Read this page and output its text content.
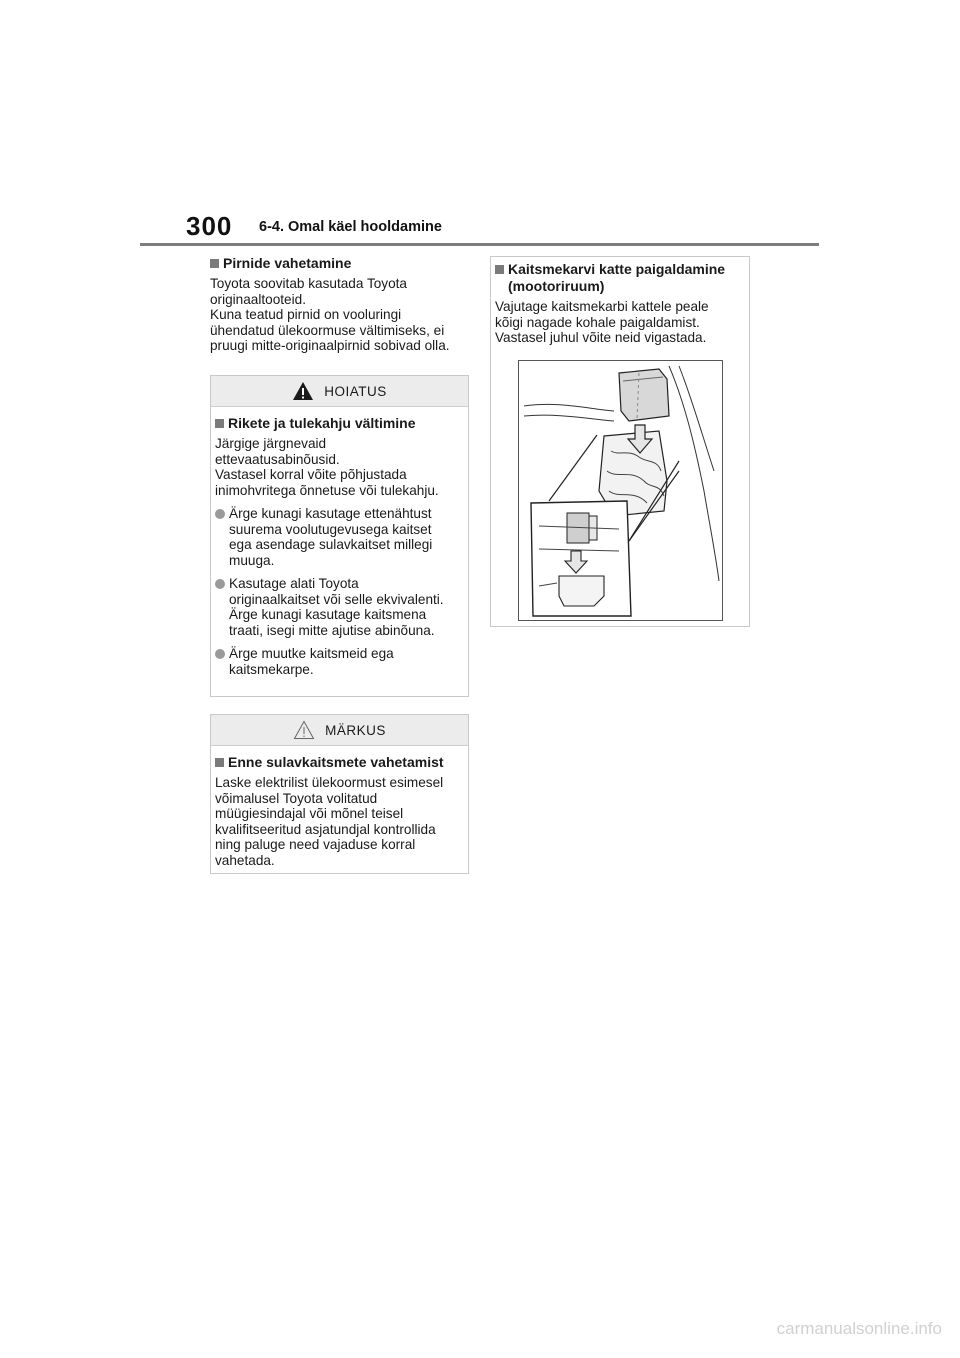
300 6-4. Omal käel hooldamine

Pirnide vahetamine

Toyota soovitab kasutada Toyota
originaaltooteid.
Kuna teatud pirnid on vooluringi
ühendatud ülekoormuse vältimiseks, ei
pruugi mitte-originaalpirnid sobivad olla.

HOIATUS

Rikete ja tulekahju vältimine

Järgige järgnevaid
ettevaatusabinõusid.
Vastasel korral võite põhjustada
inimohvritega õnnetuse või tulekahju.

Ärge kunagi kasutage ettenähtust
suurema voolutugevusega kaitset
ega asendage sulavkaitset millegi
muuga.
Kasutage alati Toyota
originaalkaitset või selle ekvivalenti.
Ärge kunagi kasutage kaitsmena
traati, isegi mitte ajutise abinõuna.
Ärge muutke kaitsmeid ega
kaitsmekarpe.
MÄRKUS

Enne sulavkaitsmete vahetamist

Laske elektrilist ülekoormust esimesel
võimalusel Toyota volitatud
müügiesindajal või mõnel teisel
kvalifitseeritud asjatundjal kontrollida
ning paluge need vajaduse korral
vahetada.

Kaitsmekarvi katte paigaldamine
(mootoriruum)

Vajutage kaitsmekarbi kattele peale
kõigi nagade kohale paigaldamist.
Vastasel juhul võite neid vigastada.

carmanualsonline.info
